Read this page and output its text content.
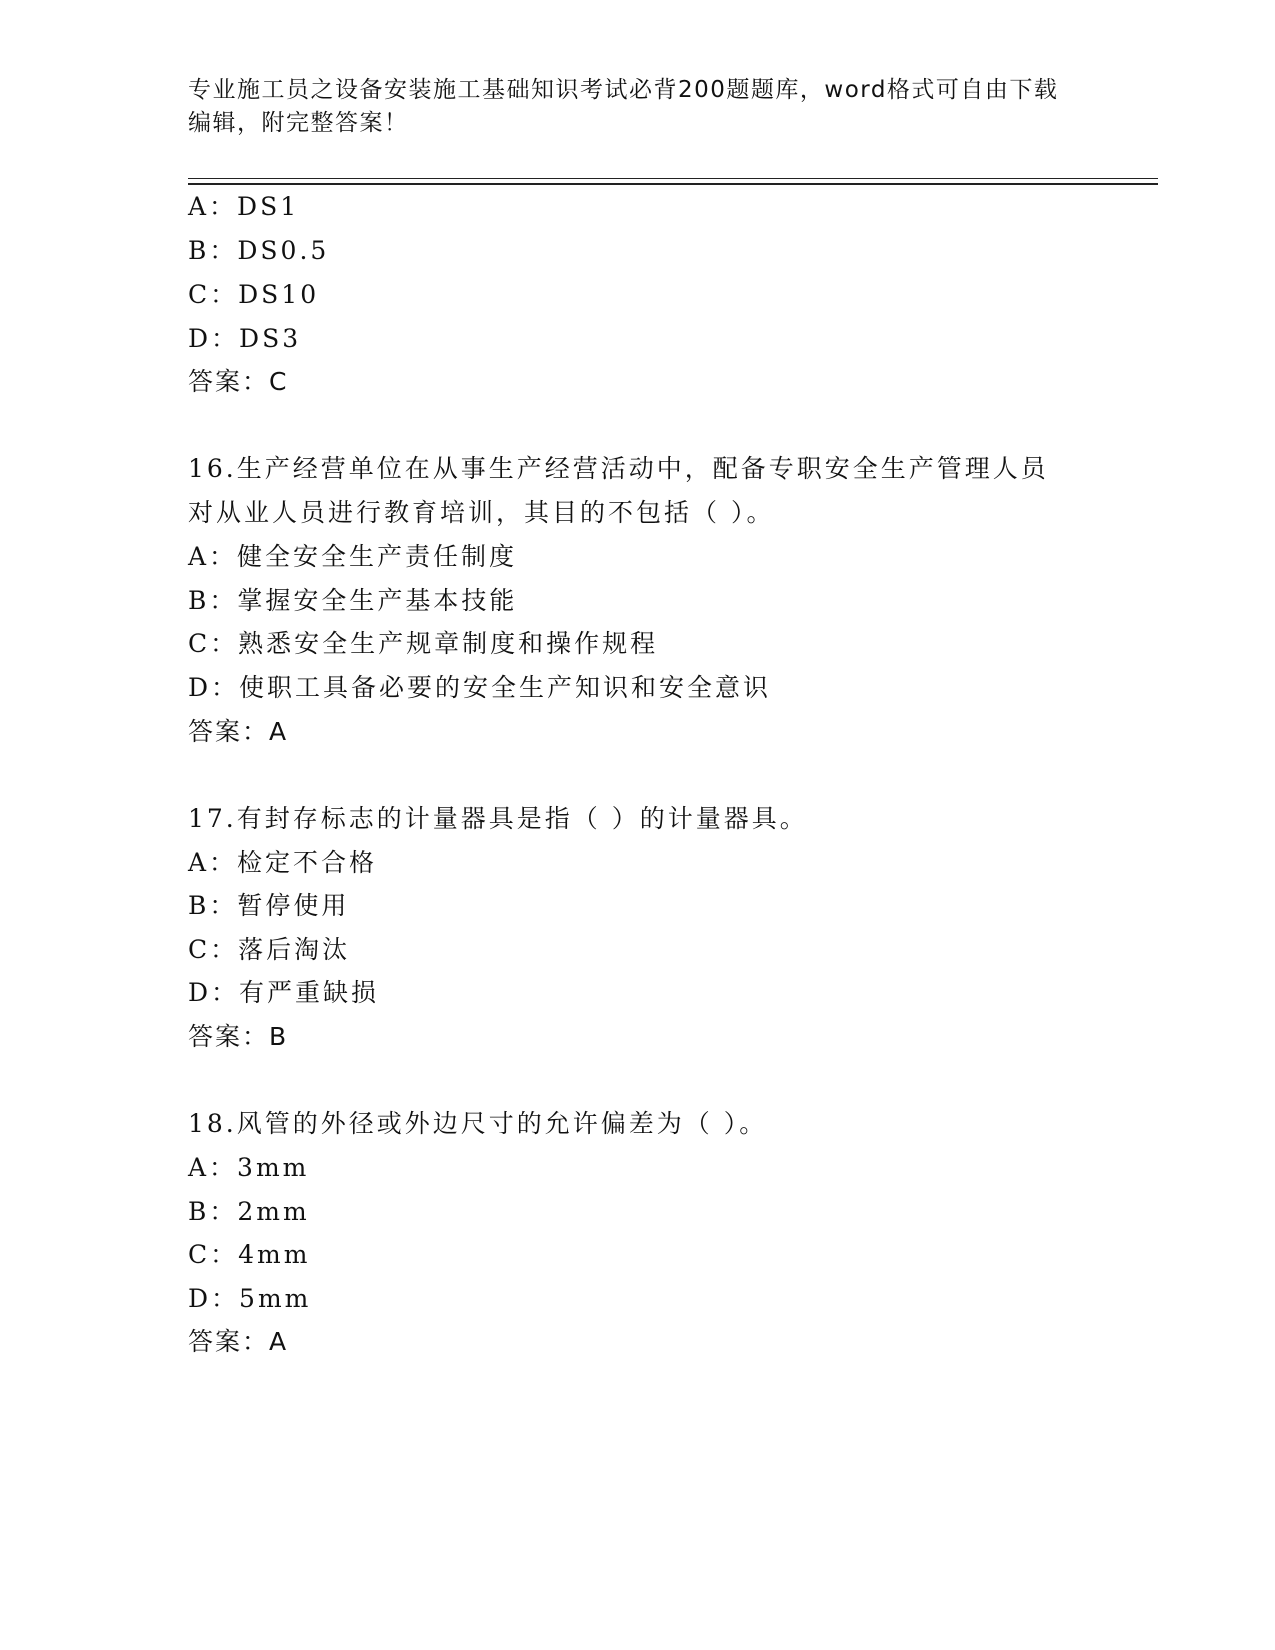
专业施工员之设备安装施工基础知识考试必背200题题库，word格式可自由下载
编辑，附完整答案！
A：DS1
B：DS0.5
C：DS10
D：DS3
答案：C
16.生产经营单位在从事生产经营活动中，配备专职安全生产管理人员
对从业人员进行教育培训，其目的不包括（ ）。
A：健全安全生产责任制度
B：掌握安全生产基本技能
C：熟悉安全生产规章制度和操作规程
D：使职工具备必要的安全生产知识和安全意识
答案：A
17.有封存标志的计量器具是指（ ）的计量器具。
A：检定不合格
B：暂停使用
C：落后淘汰
D：有严重缺损
答案：B
18.风管的外径或外边尺寸的允许偏差为（ ）。
A：3mm
B：2mm
C：4mm
D：5mm
答案：A
